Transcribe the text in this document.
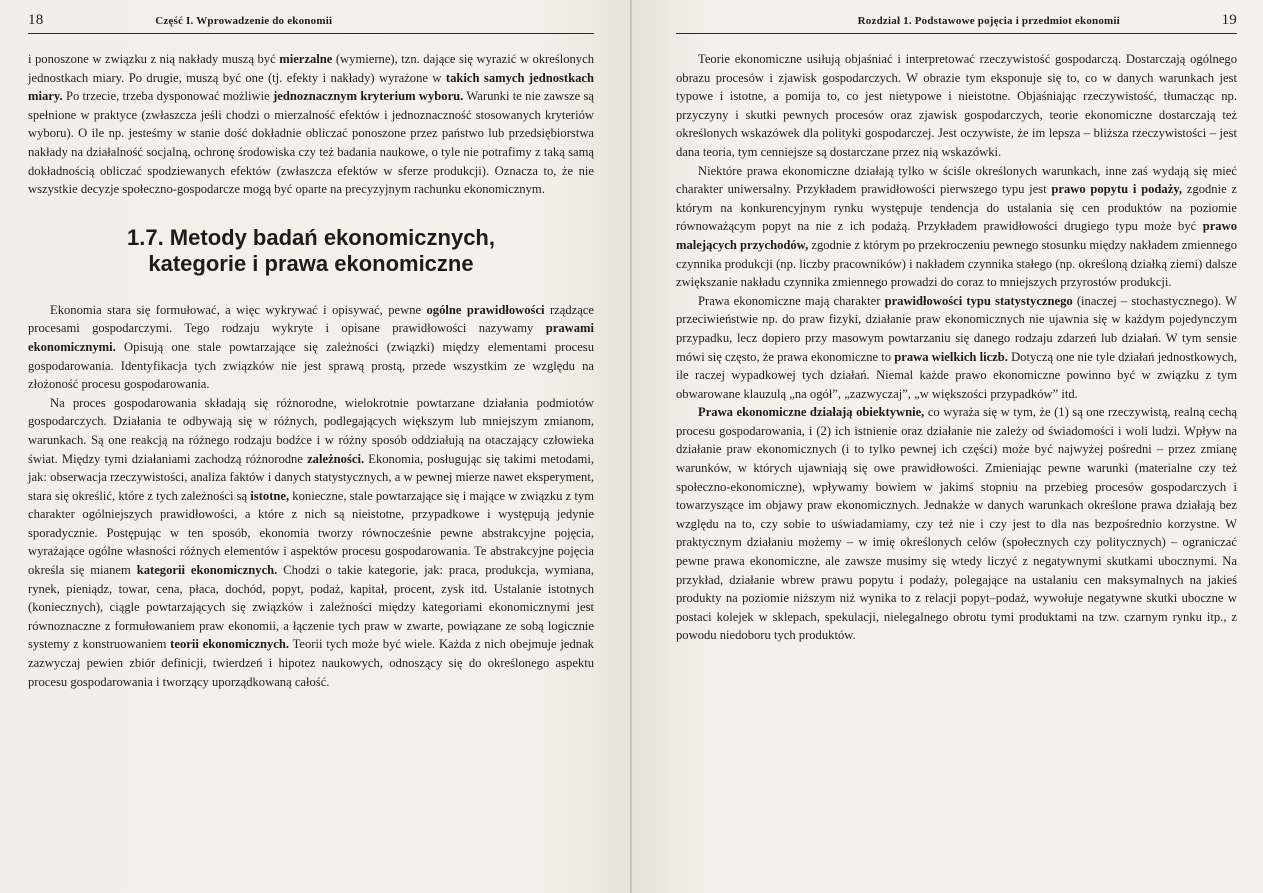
18	Część I. Wprowadzenie do ekonomii

i ponoszone w związku z nią nakłady muszą być mierzalne (wymierne), tzn. dające się wyrazić w określonych jednostkach miary. Po drugie, muszą być one (tj. efekty i nakłady) wyrażone w takich samych jednostkach miary. Po trzecie, trzeba dysponować możliwie jednoznacznym kryterium wyboru. Warunki te nie zawsze są spełnione w praktyce (zwłaszcza jeśli chodzi o mierzalność efektów i jednoznaczność stosowanych kryteriów wyboru). O ile np. jesteśmy w stanie dość dokładnie obliczać ponoszone przez państwo lub przedsiębiorstwa nakłady na działalność socjalną, ochronę środowiska czy też badania naukowe, o tyle nie potrafimy z taką samą dokładnością obliczać spodziewanych efektów (zwłaszcza efektów w sferze produkcji). Oznacza to, że nie wszystkie decyzje społeczno-gospodarcze mogą być oparte na precyzyjnym rachunku ekonomicznym.

1.7. Metody badań ekonomicznych,
kategorie i prawa ekonomiczne

Ekonomia stara się formułować, a więc wykrywać i opisywać, pewne ogólne prawidłowości rządzące procesami gospodarczymi. Tego rodzaju wykryte i opisane prawidłowości nazywamy prawami ekonomicznymi. Opisują one stale powtarzające się zależności (związki) między elementami procesu gospodarowania. Identyfikacja tych związków nie jest sprawą prostą, przede wszystkim ze względu na złożoność procesu gospodarowania.

Na proces gospodarowania składają się różnorodne, wielokrotnie powtarzane działania podmiotów gospodarczych. Działania te odbywają się w różnych, podlegających większym lub mniejszym zmianom, warunkach. Są one reakcją na różnego rodzaju bodźce i w różny sposób oddziałują na otaczający człowieka świat. Między tymi działaniami zachodzą różnorodne zależności. Ekonomia, posługując się takimi metodami, jak: obserwacja rzeczywistości, analiza faktów i danych statystycznych, a w pewnej mierze nawet eksperyment, stara się określić, które z tych zależności są istotne, konieczne, stale powtarzające się i mające w związku z tym charakter ogólniejszych prawidłowości, a które z nich są nieistotne, przypadkowe i występują jedynie sporadycznie. Postępując w ten sposób, ekonomia tworzy równocześnie pewne abstrakcyjne pojęcia, wyrażające ogólne własności różnych elementów i aspektów procesu gospodarowania. Te abstrakcyjne pojęcia określa się mianem kategorii ekonomicznych. Chodzi o takie kategorie, jak: praca, produkcja, wymiana, rynek, pieniądz, towar, cena, płaca, dochód, popyt, podaż, kapitał, procent, zysk itd. Ustalanie istotnych (koniecznych), ciągle powtarzających się związków i zależności między kategoriami ekonomicznymi jest równoznaczne z formułowaniem praw ekonomii, a łączenie tych praw w zwarte, powiązane ze sobą logicznie systemy z konstruowaniem teorii ekonomicznych. Teorii tych może być wiele. Każda z nich obejmuje jednak zazwyczaj pewien zbiór definicji, twierdzeń i hipotez naukowych, odnoszący się do określonego aspektu procesu gospodarowania i tworzący uporządkowaną całość.

Rozdział 1. Podstawowe pojęcia i przedmiot ekonomii	19

Teorie ekonomiczne usiłują objaśniać i interpretować rzeczywistość gospodarczą. Dostarczają ogólnego obrazu procesów i zjawisk gospodarczych. W obrazie tym eksponuje się to, co w danych warunkach jest typowe i istotne, a pomija to, co jest nietypowe i nieistotne. Objaśniając rzeczywistość, tłumacząc np. przyczyny i skutki pewnych procesów oraz zjawisk gospodarczych, teorie ekonomiczne dostarczają też określonych wskazówek dla polityki gospodarczej. Jest oczywiste, że im lepsza – bliższa rzeczywistości – jest dana teoria, tym cenniejsze są dostarczane przez nią wskazówki.

Niektóre prawa ekonomiczne działają tylko w ściśle określonych warunkach, inne zaś wydają się mieć charakter uniwersalny. Przykładem prawidłowości pierwszego typu jest prawo popytu i podaży, zgodnie z którym na konkurencyjnym rynku występuje tendencja do ustalania się cen produktów na poziomie równoważącym popyt na nie z ich podażą. Przykładem prawidłowości drugiego typu może być prawo malejących przychodów, zgodnie z którym po przekroczeniu pewnego stosunku między nakładem zmiennego czynnika produkcji (np. liczby pracowników) i nakładem czynnika stałego (np. określoną działką ziemi) dalsze zwiększanie nakładu czynnika zmiennego prowadzi do coraz to mniejszych przyrostów produkcji.

Prawa ekonomiczne mają charakter prawidłowości typu statystycznego (inaczej – stochastycznego). W przeciwieństwie np. do praw fizyki, działanie praw ekonomicznych nie ujawnia się w każdym pojedynczym przypadku, lecz dopiero przy masowym powtarzaniu się danego rodzaju zdarzeń lub działań. W tym sensie mówi się często, że prawa ekonomiczne to prawa wielkich liczb. Dotyczą one nie tyle działań jednostkowych, ile raczej wypadkowej tych działań. Niemal każde prawo ekonomiczne powinno być w związku z tym obwarowane klauzulą „na ogół”, „zazwyczaj”, „w większości przypadków” itd.

Prawa ekonomiczne działają obiektywnie, co wyraża się w tym, że (1) są one rzeczywistą, realną cechą procesu gospodarowania, i (2) ich istnienie oraz działanie nie zależy od świadomości i woli ludzi. Wpływ na działanie praw ekonomicznych (i to tylko pewnej ich części) może być najwyżej pośredni – przez zmianę warunków, w których ujawniają się owe prawidłowości. Zmieniając pewne warunki (materialne czy też społeczno-ekonomiczne), wpływamy bowiem w jakimś stopniu na przebieg procesów gospodarczych i towarzyszące im objawy praw ekonomicznych. Jednakże w danych warunkach określone prawa działają bez względu na to, czy sobie to uświadamiamy, czy też nie i czy jest to dla nas bezpośrednio korzystne. W praktycznym działaniu możemy – w imię określonych celów (społecznych czy politycznych) – ograniczać pewne prawa ekonomiczne, ale zawsze musimy się wtedy liczyć z negatywnymi skutkami ubocznymi. Na przykład, działanie wbrew prawu popytu i podaży, polegające na ustalaniu cen maksymalnych na jakieś produkty na poziomie niższym niż wynika to z relacji popyt–podaż, wywołuje negatywne skutki uboczne w postaci kolejek w sklepach, spekulacji, nielegalnego obrotu tymi produktami na tzw. czarnym rynku itp., z powodu niedoboru tych produktów.
